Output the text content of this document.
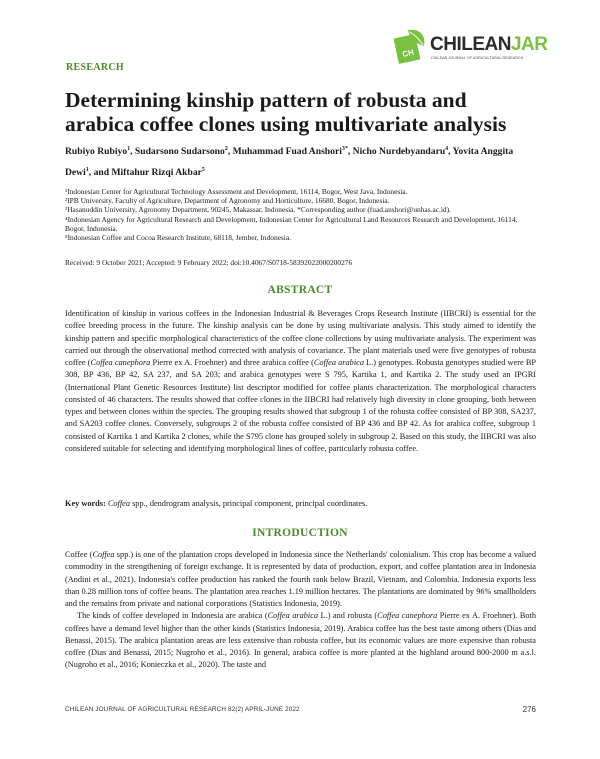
CH CHILEANJAR
CHILEAN JOURNAL OF AGRICULTURAL RESEARCH
RESEARCH
Determining kinship pattern of robusta and arabica coffee clones using multivariate analysis
Rubiyo Rubiyo$^1$, Sudarsono Sudarsono$^2$, Muhammad Fuad Anshori$^{3*}$, Nicho Nurdebyandaru$^4$, Yovita Anggita Dewi$^1$, and Miftahur Rizqi Akbar$^5$
¹Indonesian Center for Agricultural Technology Assessment and Development, 16114, Bogor, West Java, Indonesia.
²IPB University, Faculty of Agriculture, Department of Agronomy and Horticulture, 16680, Bogor, Indonesia.
³Hasanuddin University, Agronomy Department, 90245, Makassar, Indonesia. *Corresponding author (fuad.anshori@unhas.ac.id).
⁴Indonesian Agency for Agricultural Research and Development, Indonesian Center for Agricultural Land Resources Research and Development, 16114, Bogor, Indonesia.
⁵Indonesian Coffee and Cocoa Research Institute, 68118, Jember, Indonesia.
Received: 9 October 2021; Accepted: 9 February 2022; doi:10.4067/S0718-58392022000200276
ABSTRACT

Identification of kinship in various coffees in the Indonesian Industrial & Beverages Crops Research Institute (IIBCRI) is essential for the coffee breeding process in the future. The kinship analysis can be done by using multivariate analysis. This study aimed to identify the kinship pattern and specific morphological characteristics of the coffee clone collections by using multivariate analysis. The experiment was carried out through the observational method corrected with analysis of covariance. The plant materials used were five genotypes of robusta coffee (Coffea canephora Pierre ex A. Froehner) and three arabica coffee (Coffea arabica L.) genotypes. Robusta genotypes studied were BP 308, BP 436, BP 42, SA 237, and SA 203; and arabica genotypes were S 795, Kartika 1, and Kartika 2. The study used an IPGRI (International Plant Genetic Resources Institute) list descriptor modified for coffee plants characterization. The morphological characters consisted of 46 characters. The results showed that coffee clones in the IIBCRI had relatively high diversity in clone grouping, both between types and between clones within the species. The grouping results showed that subgroup 1 of the robusta coffee consisted of BP 308, SA237, and SA203 coffee clones. Conversely, subgroups 2 of the robusta coffee consisted of BP 436 and BP 42. As for arabica coffee, subgroup 1 consisted of Kartika 1 and Kartika 2 clones, while the S795 clone has grouped solely in subgroup 2. Based on this study, the IIBCRI was also considered suitable for selecting and identifying morphological lines of coffee, particularly robusta coffee.

Key words: Coffea spp., dendrogram analysis, principal component, principal coordinates.
INTRODUCTION

Coffee (Coffea spp.) is one of the plantation crops developed in Indonesia since the Netherlands' colonialism. This crop has become a valued commodity in the strengthening of foreign exchange. It is represented by data of production, export, and coffee plantation area in Indonesia (Andini et al., 2021). Indonesia's coffee production has ranked the fourth rank below Brazil, Vietnam, and Colombia. Indonesia exports less than 0.28 million tons of coffee beans. The plantation area reaches 1.19 million hectares. The plantations are dominated by 96% smallholders and the remains from private and national corporations (Statistics Indonesia, 2019).

The kinds of coffee developed in Indonesia are arabica (Coffea arabica L.) and robusta (Coffea canephora Pierre ex A. Froehner). Both coffees have a demand level higher than the other kinds (Statistics Indonesia, 2019). Arabica coffee has the best taste among others (Dias and Benassi, 2015). The arabica plantation areas are less extensive than robusta coffee, but its economic values are more expensive than robusta coffee (Dias and Benassi, 2015; Nugroho et al., 2016). In general, arabica coffee is more planted at the highland around 800-2000 m a.s.l. (Nugroho et al., 2016; Konieczka et al., 2020). The taste and

CHILEAN JOURNAL OF AGRICULTURAL RESEARCH 82(2) APRIL-JUNE 2022	276
